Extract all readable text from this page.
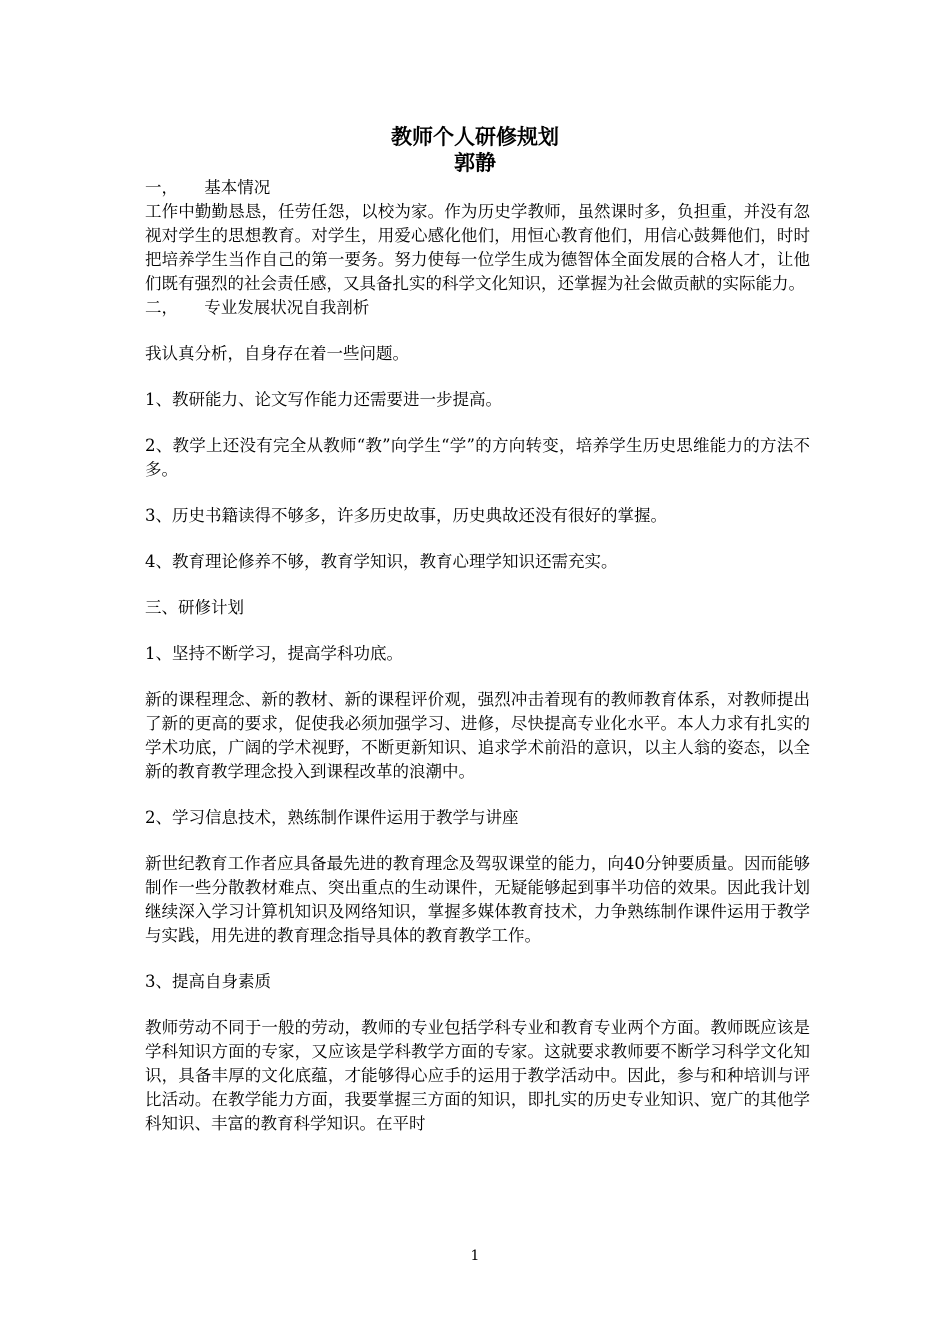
教师个人研修规划
郭静

一，     基本情况

工作中勤勤恳恳，任劳任怨，以校为家。作为历史学教师，虽然课时多，负担重，并没有忽视对学生的思想教育。对学生，用爱心感化他们，用恒心教育他们，用信心鼓舞他们，时时把培养学生当作自己的第一要务。努力使每一位学生成为德智体全面发展的合格人才，让他们既有强烈的社会责任感，又具备扎实的科学文化知识，还掌握为社会做贡献的实际能力。

二，     专业发展状况自我剖析

我认真分析，自身存在着一些问题。

1、教研能力、论文写作能力还需要进一步提高。

2、教学上还没有完全从教师“教”向学生“学”的方向转变，培养学生历史思维能力的方法不多。

3、历史书籍读得不够多，许多历史故事，历史典故还没有很好的掌握。

4、教育理论修养不够，教育学知识，教育心理学知识还需充实。

三、研修计划

1、坚持不断学习，提高学科功底。

新的课程理念、新的教材、新的课程评价观，强烈冲击着现有的教师教育体系，对教师提出了新的更高的要求，促使我必须加强学习、进修，尽快提高专业化水平。本人力求有扎实的学术功底，广阔的学术视野，不断更新知识、追求学术前沿的意识，以主人翁的姿态，以全新的教育教学理念投入到课程改革的浪潮中。

2、学习信息技术，熟练制作课件运用于教学与讲座

新世纪教育工作者应具备最先进的教育理念及驾驭课堂的能力，向40分钟要质量。因而能够制作一些分散教材难点、突出重点的生动课件，无疑能够起到事半功倍的效果。因此我计划继续深入学习计算机知识及网络知识，掌握多媒体教育技术，力争熟练制作课件运用于教学与实践，用先进的教育理念指导具体的教育教学工作。

3、提高自身素质

教师劳动不同于一般的劳动，教师的专业包括学科专业和教育专业两个方面。教师既应该是学科知识方面的专家，又应该是学科教学方面的专家。这就要求教师要不断学习科学文化知识，具备丰厚的文化底蕴，才能够得心应手的运用于教学活动中。因此，参与和种培训与评比活动。在教学能力方面，我要掌握三方面的知识，即扎实的历史专业知识、宽广的其他学科知识、丰富的教育科学知识。在平时

1
